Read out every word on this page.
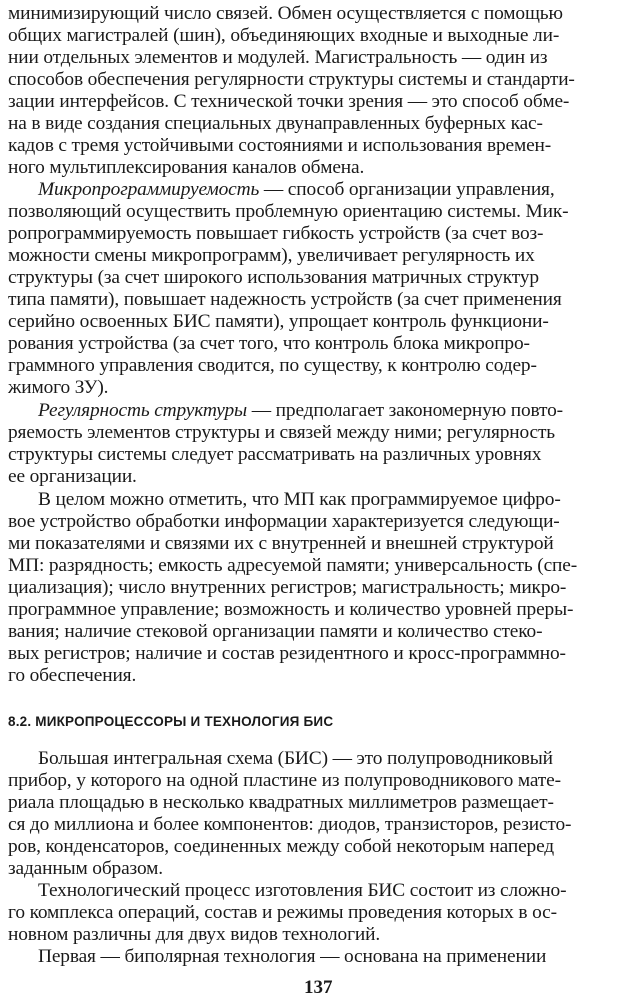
минимизирующий число связей. Обмен осуществляется с помощью
общих магистралей (шин), объединяющих входные и выходные ли-
нии отдельных элементов и модулей. Магистральность — один из
способов обеспечения регулярности структуры системы и стандарти-
зации интерфейсов. С технической точки зрения — это способ обме-
на в виде создания специальных двунаправленных буферных кас-
кадов с тремя устойчивыми состояниями и использования времен-
ного мультиплексирования каналов обмена.
Микропрограммируемость — способ организации управления,
позволяющий осуществить проблемную ориентацию системы. Мик-
ропрограммируемость повышает гибкость устройств (за счет воз-
можности смены микропрограмм), увеличивает регулярность их
структуры (за счет широкого использования матричных структур
типа памяти), повышает надежность устройств (за счет применения
серийно освоенных БИС памяти), упрощает контроль функциони-
рования устройства (за счет того, что контроль блока микропро-
граммного управления сводится, по существу, к контролю содер-
жимого ЗУ).
Регулярность структуры — предполагает закономерную повто-
ряемость элементов структуры и связей между ними; регулярность
структуры системы следует рассматривать на различных уровнях
ее организации.
В целом можно отметить, что МП как программируемое цифро-
вое устройство обработки информации характеризуется следующи-
ми показателями и связями их с внутренней и внешней структурой
МП: разрядность; емкость адресуемой памяти; универсальность (спе-
циализация); число внутренних регистров; магистральность; микро-
программное управление; возможность и количество уровней преры-
вания; наличие стековой организации памяти и количество стеко-
вых регистров; наличие и состав резидентного и кросс-программно-
го обеспечения.
8.2. МИКРОПРОЦЕССОРЫ И ТЕХНОЛОГИЯ БИС
Большая интегральная схема (БИС) — это полупроводниковый
прибор, у которого на одной пластине из полупроводникового мате-
риала площадью в несколько квадратных миллиметров размещает-
ся до миллиона и более компонентов: диодов, транзисторов, резисто-
ров, конденсаторов, соединенных между собой некоторым наперед
заданным образом.
Технологический процесс изготовления БИС состоит из сложно-
го комплекса операций, состав и режимы проведения которых в ос-
новном различны для двух видов технологий.
Первая — биполярная технология — основана на применении
137
